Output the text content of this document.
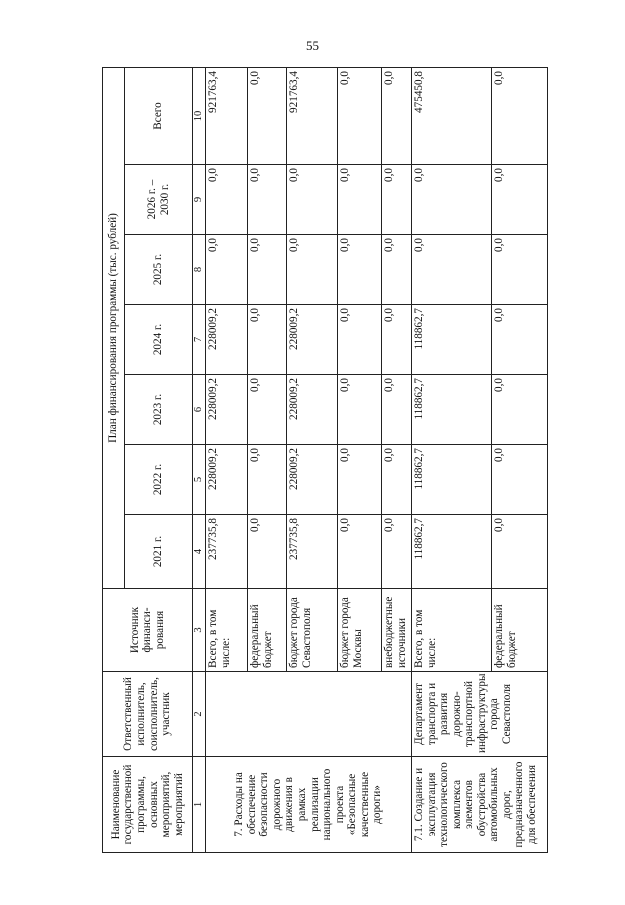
55
Наименование государственной программы, основных мероприятий, мероприятий	Ответственный исполнитель, соисполнитель, участник	Источник финанси-рования	План финансирования программы (тыс. рублей)						
			2021 г.	2022 г.	2023 г.	2024 г.	2025 г.	2026 г. – 2030 г.	Всего
1	2	3	4	5	6	7	8	9	10
7. Расходы на обеспечение безопасности дорожного движения в рамках реализации национального проекта «Безопасные качественные дороги»		Всего, в том числе:	237735,8	228009,2	228009,2	228009,2	0,0	0,0	921763,4
		федеральный бюджет	0,0	0,0	0,0	0,0	0,0	0,0	0,0
		бюджет города Севастополя	237735,8	228009,2	228009,2	228009,2	0,0	0,0	921763,4
		бюджет города Москвы	0,0	0,0	0,0	0,0	0,0	0,0	0,0
		внебюджетные источники	0,0	0,0	0,0	0,0	0,0	0,0	0,0
7.1. Создание и эксплуатация технологического комплекса элементов обустройства автомобильных дорог, предназначенного для обеспечения	Департамент транспорта и развития дорожно-транспортной инфраструктуры города Севастополя	Всего, в том числе:	118862,7	118862,7	118862,7	118862,7	0,0	0,0	475450,8
		федеральный бюджет	0,0	0,0	0,0	0,0	0,0	0,0	0,0
